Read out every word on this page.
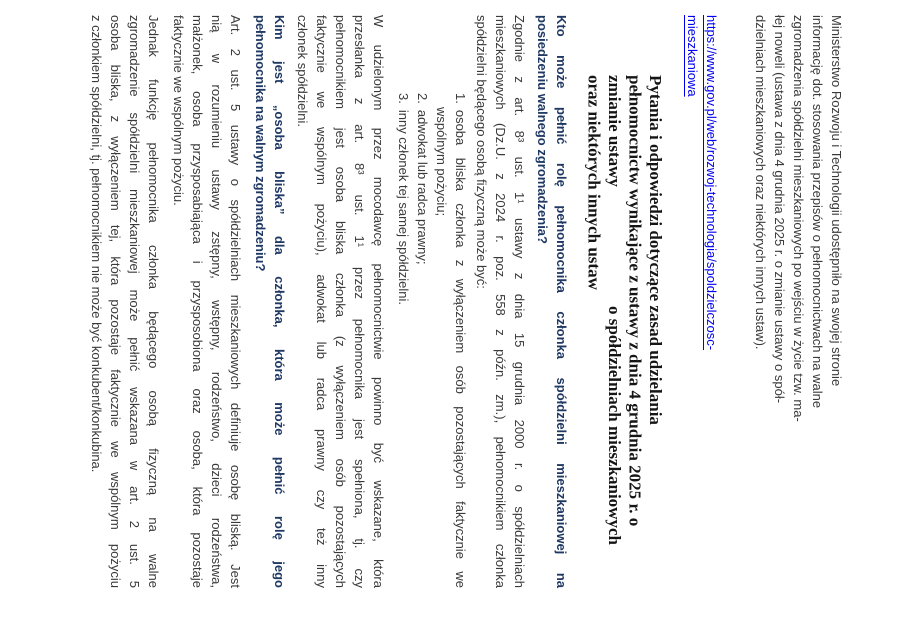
Ministerstwo Rozwoju i Technologii udostępniło na swojej stronie
informację dot. stosowania przepisów o pełnomocnictwach na walne
zgromadzenia spółdzielni mieszkaniowych po wejściu w życie tzw. ma-
łej noweli (ustawa z dnia 4 grudnia 2025 r. o zmianie ustawy o spół-
dzielniach mieszkaniowych oraz niektórych innych ustaw).
https://www.gov.pl/web/rozwoj-technologia/spoldzielczosc-
mieszkaniowa
Pytania i odpowiedzi dotyczące zasad udzielania
pełnomocnictw wynikające z ustawy z dnia 4 grudnia 2025 r. o
zmianie ustawy
o spółdzielniach mieszkaniowych
oraz niektórych innych ustaw
Kto może pełnić rolę pełnomocnika członka spółdzielni mieszkaniowej na
posiedzeniu walnego zgromadzenia?
Zgodnie z art. 8³ ust. 1¹ ustawy z dnia 15 grudnia 2000 r. o spółdzielniach
mieszkaniowych (Dz.U. z 2024 r. poz. 558 z późn. zm.), pełnomocnikiem członka
spółdzielni będącego osobą fizyczną może być:
1.osoba bliska członka z wyłączeniem osób pozostających faktycznie we
wspólnym pożyciu;
2.adwokat lub radca prawny;
3.inny członek tej samej spółdzielni.
W udzielonym przez mocodawcę pełnomocnictwie powinno być wskazane, która
przesłanka z art. 8³ ust. 1¹ przez pełnomocnika jest spełniona, tj. czy
pełnomocnikiem jest osoba bliska członka (z wyłączeniem osób pozostających
faktycznie we wspólnym pożyciu), adwokat lub radca prawny czy też inny
członek spółdzielni.
Kim jest „osoba bliska” dla członka, która może pełnić rolę jego
pełnomocnika na walnym zgromadzeniu?
Art. 2 ust. 5 ustawy o spółdzielniach mieszkaniowych definiuje osobę bliską. Jest
nią w rozumieniu ustawy zstępny, wstępny, rodzeństwo, dzieci rodzeństwa,
małżonek, osoba przysposabiająca i przysposobiona oraz osoba, która pozostaje
faktycznie we wspólnym pożyciu.
Jednak funkcję pełnomocnika członka będącego osobą fizyczną na walne
zgromadzenie spółdzielni mieszkaniowej może pełnić wskazana w art. 2 ust. 5
osoba bliska, z wyłączeniem tej, która pozostaje faktycznie we wspólnym pożyciu
z członkiem spółdzielni, tj. pełnomocnikiem nie może być konkubent/konkubina.
